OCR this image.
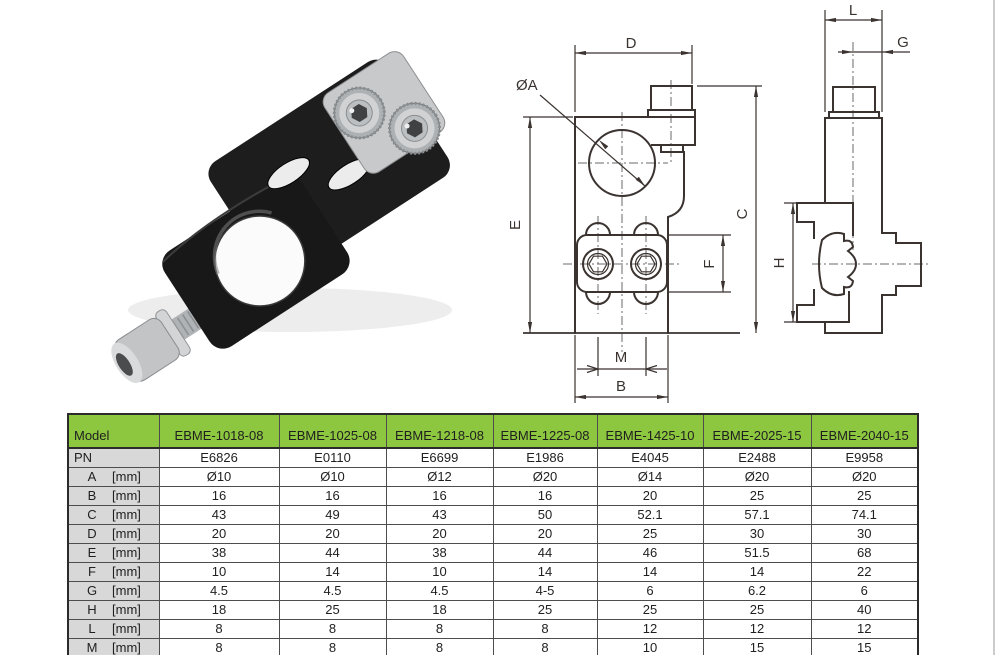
D
ØA
E
C
F
M
B
L
G
H
Model	EBME-1018-08	EBME-1025-08	EBME-1218-08	EBME-1225-08	EBME-1425-10	EBME-2025-15	EBME-2040-15
PN	E6826	E0110	E6699	E1986	E4045	E2488	E9958
A [mm]	Ø10	Ø10	Ø12	Ø20	Ø14	Ø20	Ø20
B [mm]	16	16	16	16	20	25	25
C [mm]	43	49	43	50	52.1	57.1	74.1
D [mm]	20	20	20	20	25	30	30
E [mm]	38	44	38	44	46	51.5	68
F [mm]	10	14	10	14	14	14	22
G [mm]	4.5	4.5	4.5	4-5	6	6.2	6
H [mm]	18	25	18	25	25	25	40
L [mm]	8	8	8	8	12	12	12
M [mm]	8	8	8	8	10	15	15
